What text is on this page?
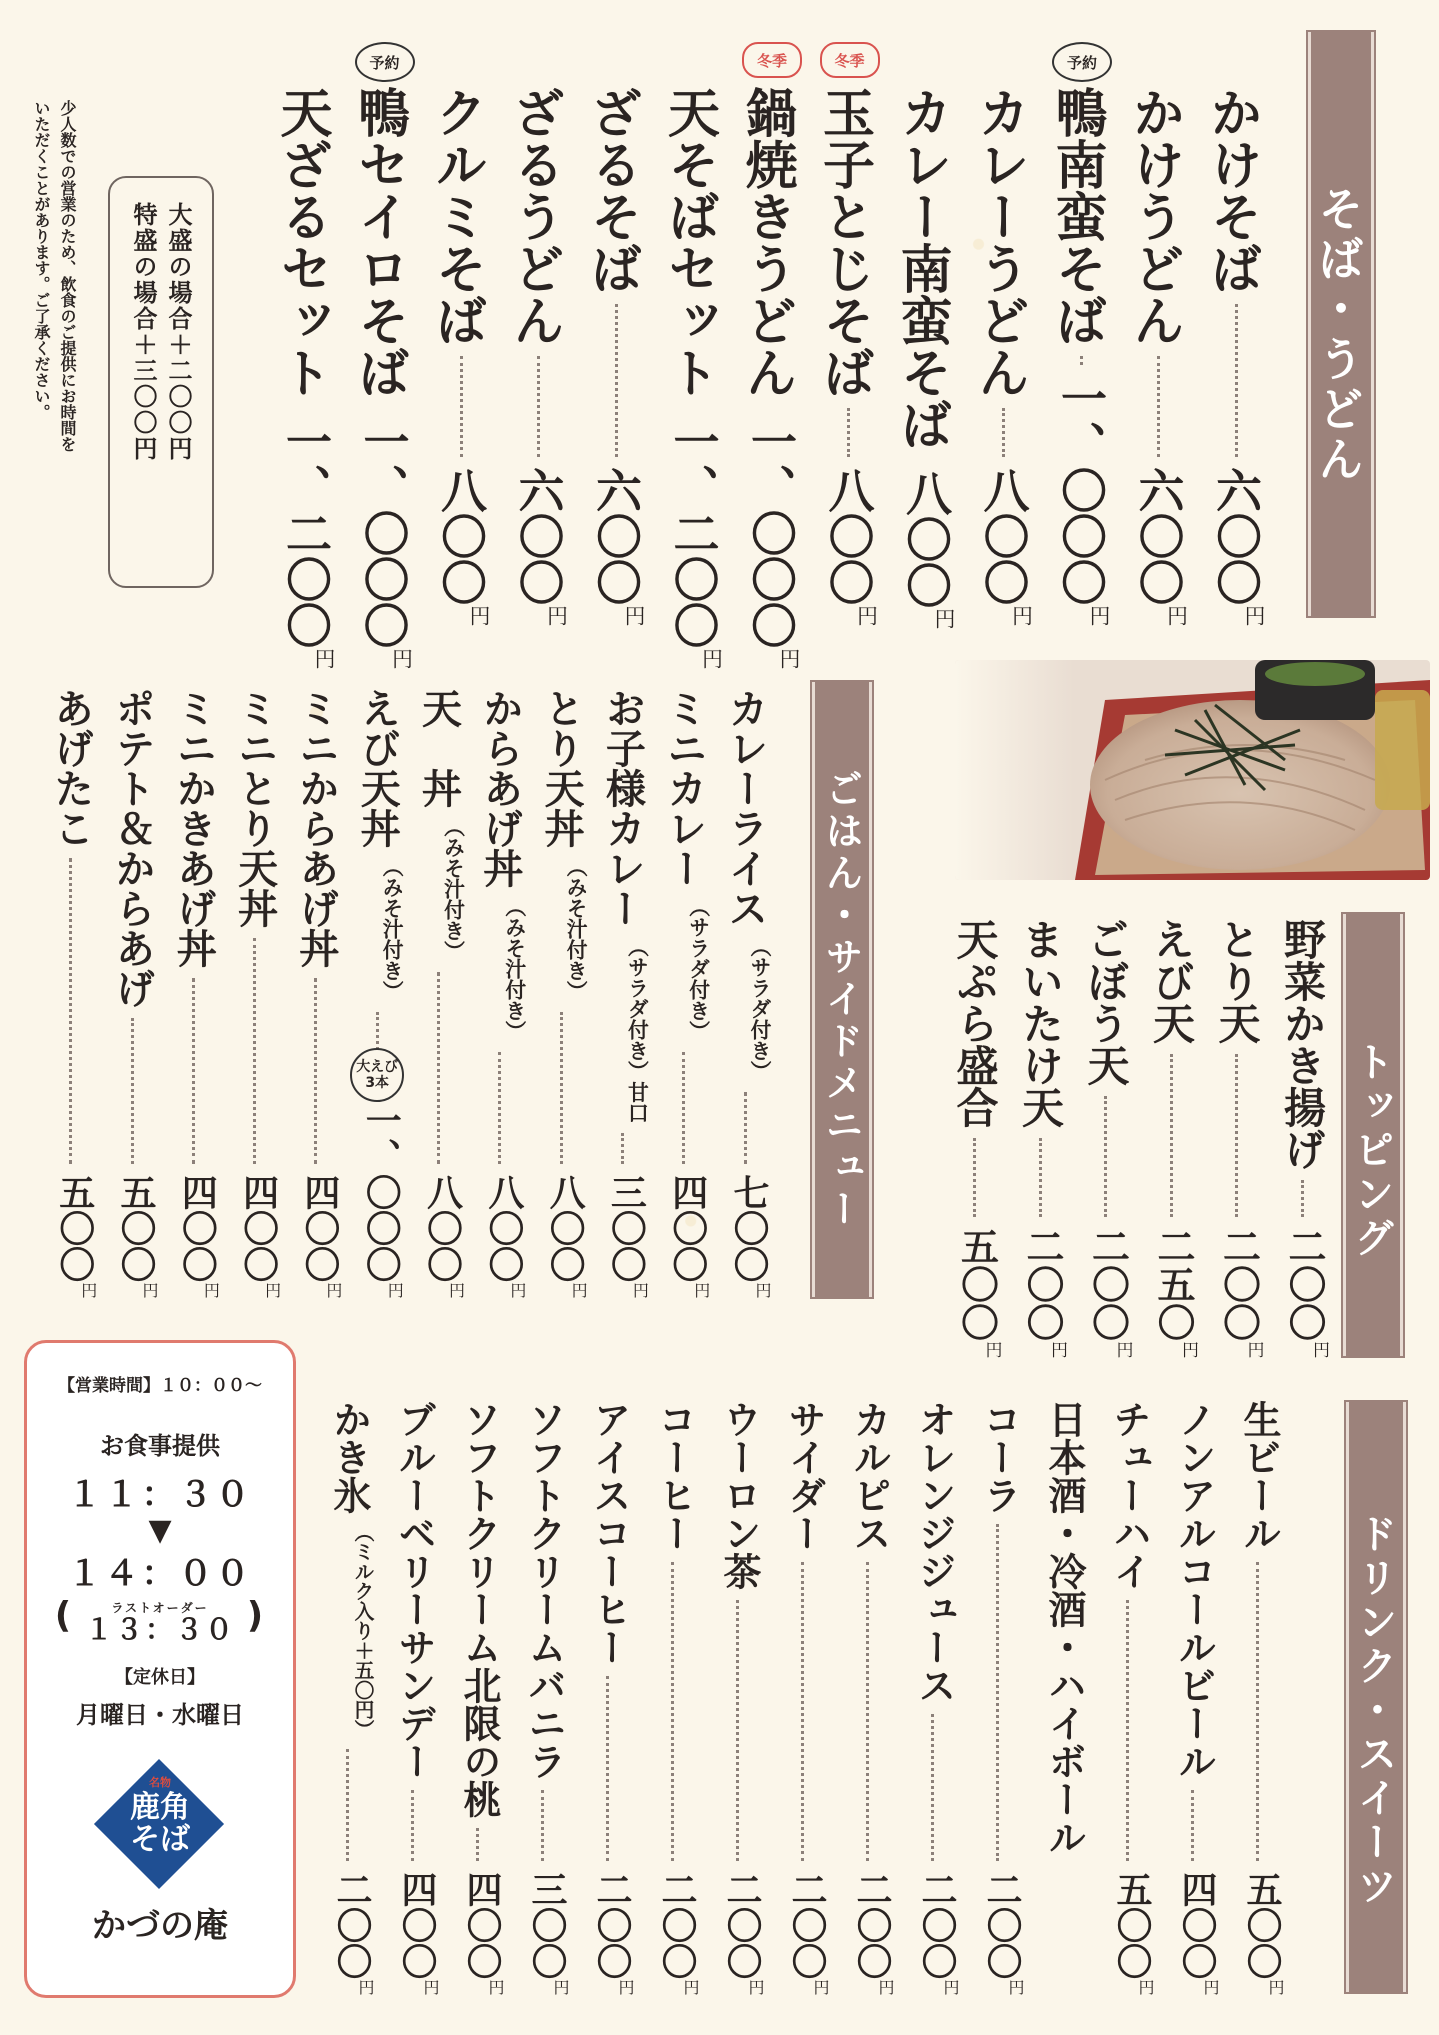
そば・うどん
かけそば
六〇〇
円
かけうどん
六〇〇
円
鴨南蛮そば
一、〇〇〇
円
カレーうどん
八〇〇
円
カレー南蛮そば
八〇〇
円
玉子とじそば
八〇〇
円
鍋焼きうどん
一、〇〇〇
円
天そばセット
一、二〇〇
円
ざるそば
六〇〇
円
ざるうどん
六〇〇
円
クルミそば
八〇〇
円
鴨セイロそば
一、〇〇〇
円
天ざるセット
一、二〇〇
円
予約
冬季
冬季
予約
大盛の場合＋二〇〇円
特盛の場合＋三〇〇円
少人数での営業のため、飲食のご提供にお時間を
いただくことがあります。ご了承ください。
トッピング
野菜かき揚げ
二〇〇
円
とり天
二〇〇
円
えび天
二五〇
円
ごぼう天
二〇〇
円
まいたけ天
二〇〇
円
天ぷら盛合
五〇〇
円
ごはん・サイドメニュー
カレーライス
（サラダ付き）
七〇〇
円
ミニカレー
（サラダ付き）
四〇〇
円
お子様カレー
（サラダ付き）甘口
三〇〇
円
とり天丼
（みそ汁付き）
八〇〇
円
からあげ丼
（みそ汁付き）
八〇〇
円
天　丼
（みそ汁付き）
八〇〇
円
えび天丼
（みそ汁付き）
一、〇〇〇
円
大えび3本
ミニからあげ丼
四〇〇
円
ミニとり天丼
四〇〇
円
ミニかきあげ丼
四〇〇
円
ポテト＆からあげ
五〇〇
円
あげたこ
五〇〇
円
ドリンク・スイーツ
生ビール
五〇〇
円
ノンアルコールビール
四〇〇
円
チューハイ
五〇〇
円
日本酒・冷酒・ハイボール
コーラ
二〇〇
円
オレンジジュース
二〇〇
円
カルピス
二〇〇
円
サイダー
二〇〇
円
ウーロン茶
二〇〇
円
コーヒー
二〇〇
円
アイスコーヒー
二〇〇
円
ソフトクリームバニラ
三〇〇
円
ソフトクリーム北限の桃
四〇〇
円
ブルーベリーサンデー
四〇〇
円
かき氷
（ミルク入り＋五〇円）
二〇〇
円
【営業時間】１０：００～
お食事提供
１１：３０
▼
１４：００
(	ラストオーダー
１３：３０ )
【定休日】
月曜日・水曜日
名物
鹿角
そば
かづの庵
